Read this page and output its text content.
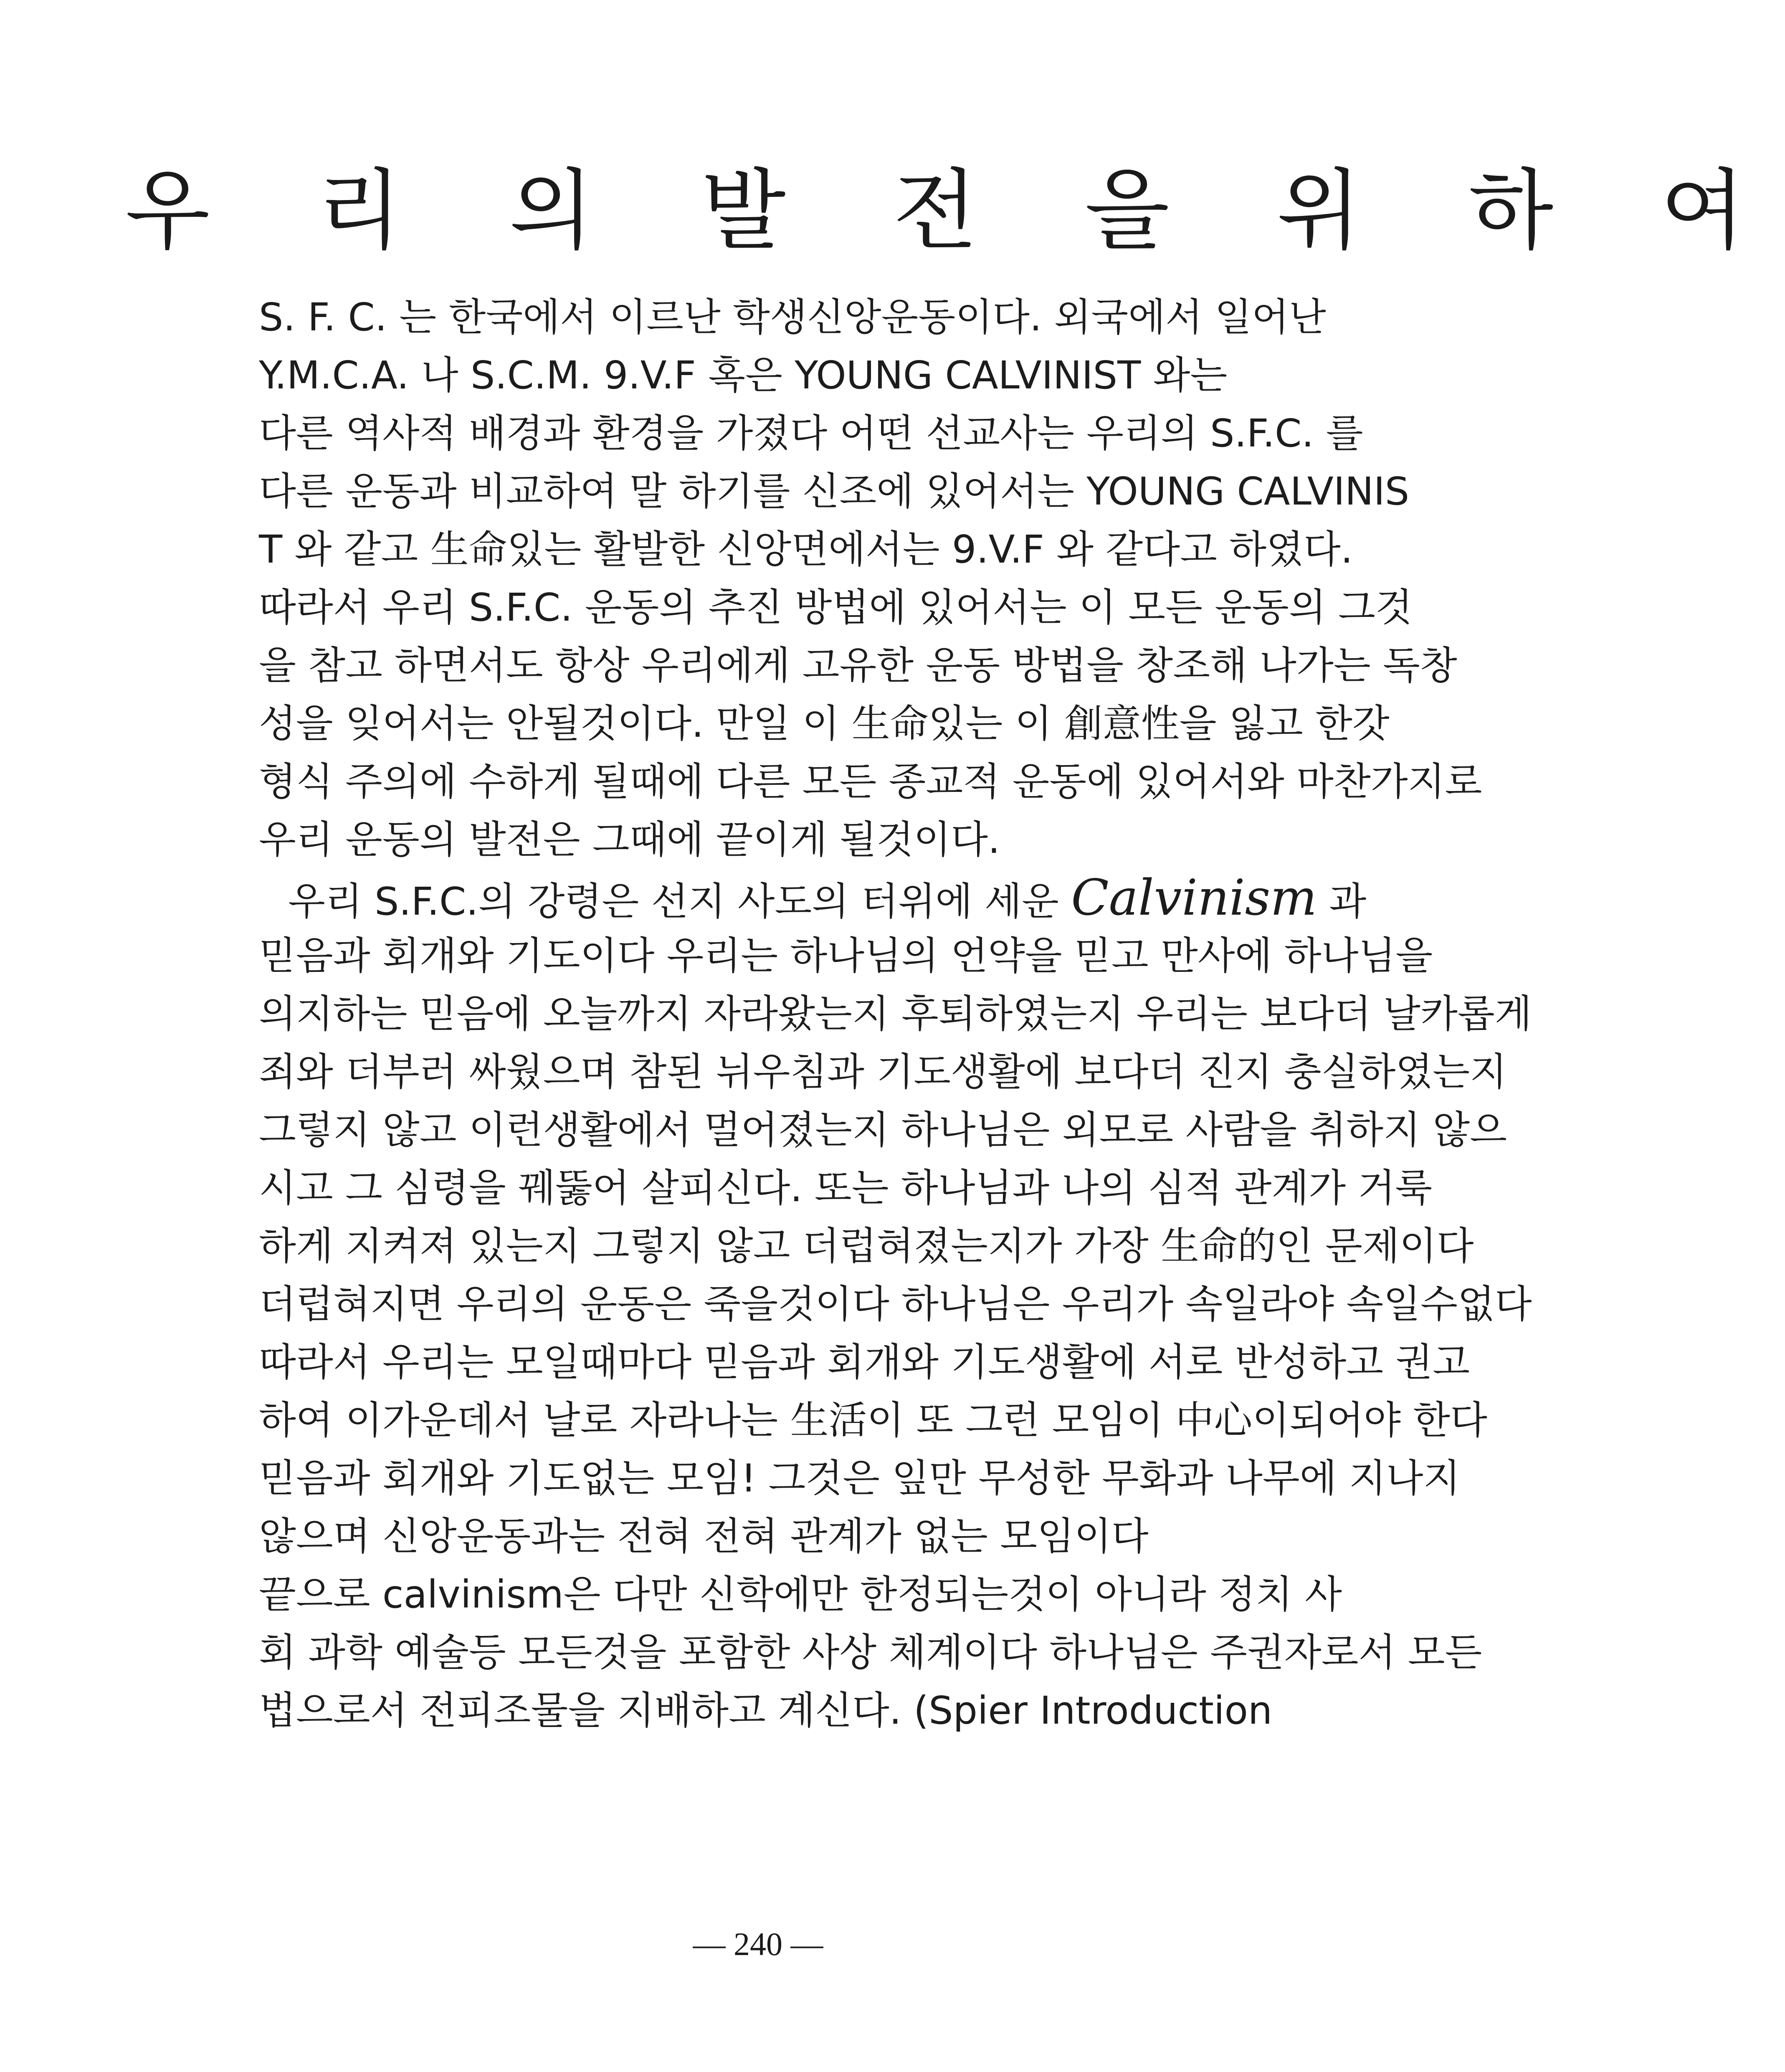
우 리 의 발 전 을 위 하 여
S. F. C. 는 한국에서 이르난 학생신앙운동이다. 외국에서 일어난
Y.M.C.A. 나 S.C.M. 9.V.F 혹은 YOUNG CALVINIST 와는
다른 역사적 배경과 환경을 가졌다 어떤 선교사는 우리의 S.F.C. 를
다른 운동과 비교하여 말 하기를 신조에 있어서는 YOUNG CALVINIS
T 와 같고 生命있는 활발한 신앙면에서는 9.V.F 와 같다고 하였다.
따라서 우리 S.F.C. 운동의 추진 방법에 있어서는 이 모든 운동의 그것
을 참고 하면서도 항상 우리에게 고유한 운동 방법을 창조해 나가는 독창
성을 잊어서는 안될것이다. 만일 이 生命있는 이 創意性을 잃고 한갓
형식 주의에 수하게 될때에 다른 모든 종교적 운동에 있어서와 마찬가지로
우리 운동의 발전은 그때에 끝이게 될것이다.
우리 S.F.C.의 강령은 선지 사도의 터위에 세운 Calvinism 과
믿음과 회개와 기도이다 우리는 하나님의 언약을 믿고 만사에 하나님을
의지하는 믿음에 오늘까지 자라왔는지 후퇴하였는지 우리는 보다더 날카롭게
죄와 더부러 싸웠으며 참된 뉘우침과 기도생활에 보다더 진지 충실하였는지
그렇지 않고 이런생활에서 멀어졌는지 하나님은 외모로 사람을 취하지 않으
시고 그 심령을 꿰뚫어 살피신다. 또는 하나님과 나의 심적 관계가 거룩
하게 지켜져 있는지 그렇지 않고 더럽혀졌는지가 가장 生命的인 문제이다
더럽혀지면 우리의 운동은 죽을것이다 하나님은 우리가 속일라야 속일수없다
따라서 우리는 모일때마다 믿음과 회개와 기도생활에 서로 반성하고 권고
하여 이가운데서 날로 자라나는 生活이 또 그런 모임이 中心이되어야 한다
믿음과 회개와 기도없는 모임! 그것은 잎만 무성한 무화과 나무에 지나지
않으며 신앙운동과는 전혀 전혀 관계가 없는 모임이다
끝으로 calvinism은 다만 신학에만 한정되는것이 아니라 정치 사
회 과학 예술등 모든것을 포함한 사상 체계이다 하나님은 주권자로서 모든
법으로서 전피조물을 지배하고 계신다. (Spier Introduction
— 240 —
